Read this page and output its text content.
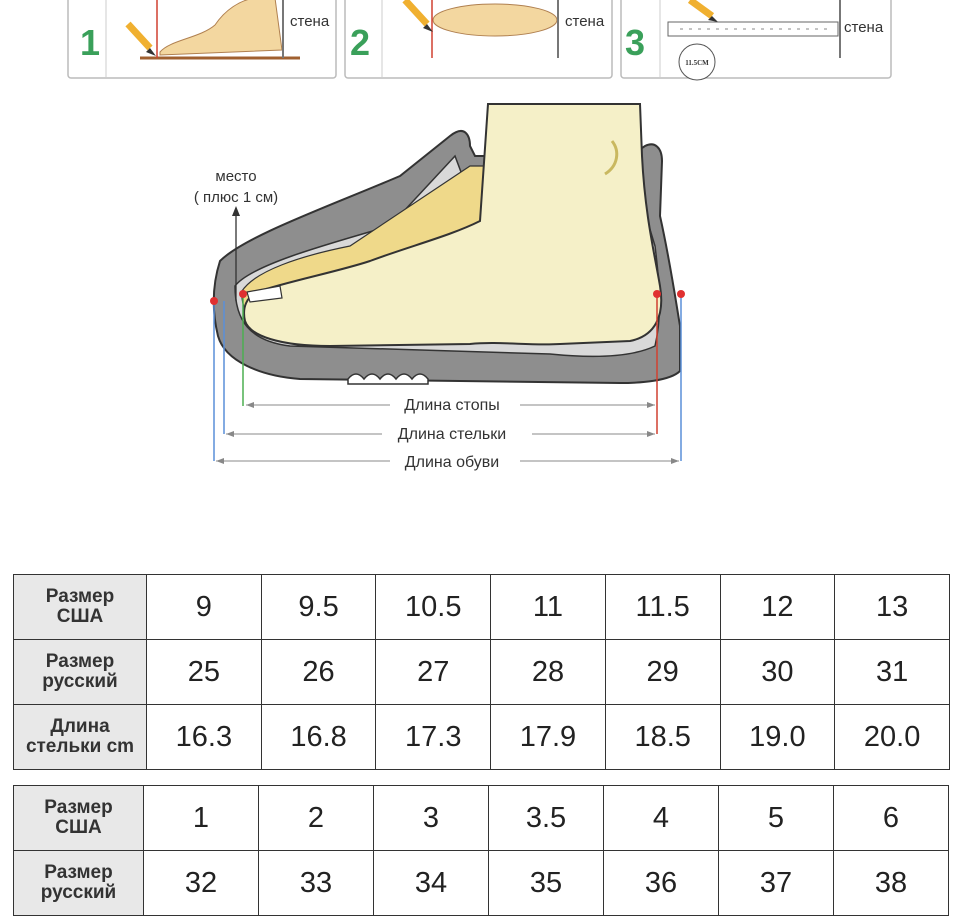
1
стена
2
стена
3	11.5CM
стена
место
( плюс 1 см)
Длина стопы
Длина стельки
Длина обуви
Размер
США	9	9.5	10.5	11	11.5	12	13
Размер
русский	25	26	27	28	29	30	31
Длина
стельки cm	16.3	16.8	17.3	17.9	18.5	19.0	20.0
Размер
США	1	2	3	3.5	4	5	6
Размер
русский	32	33	34	35	36	37	38
